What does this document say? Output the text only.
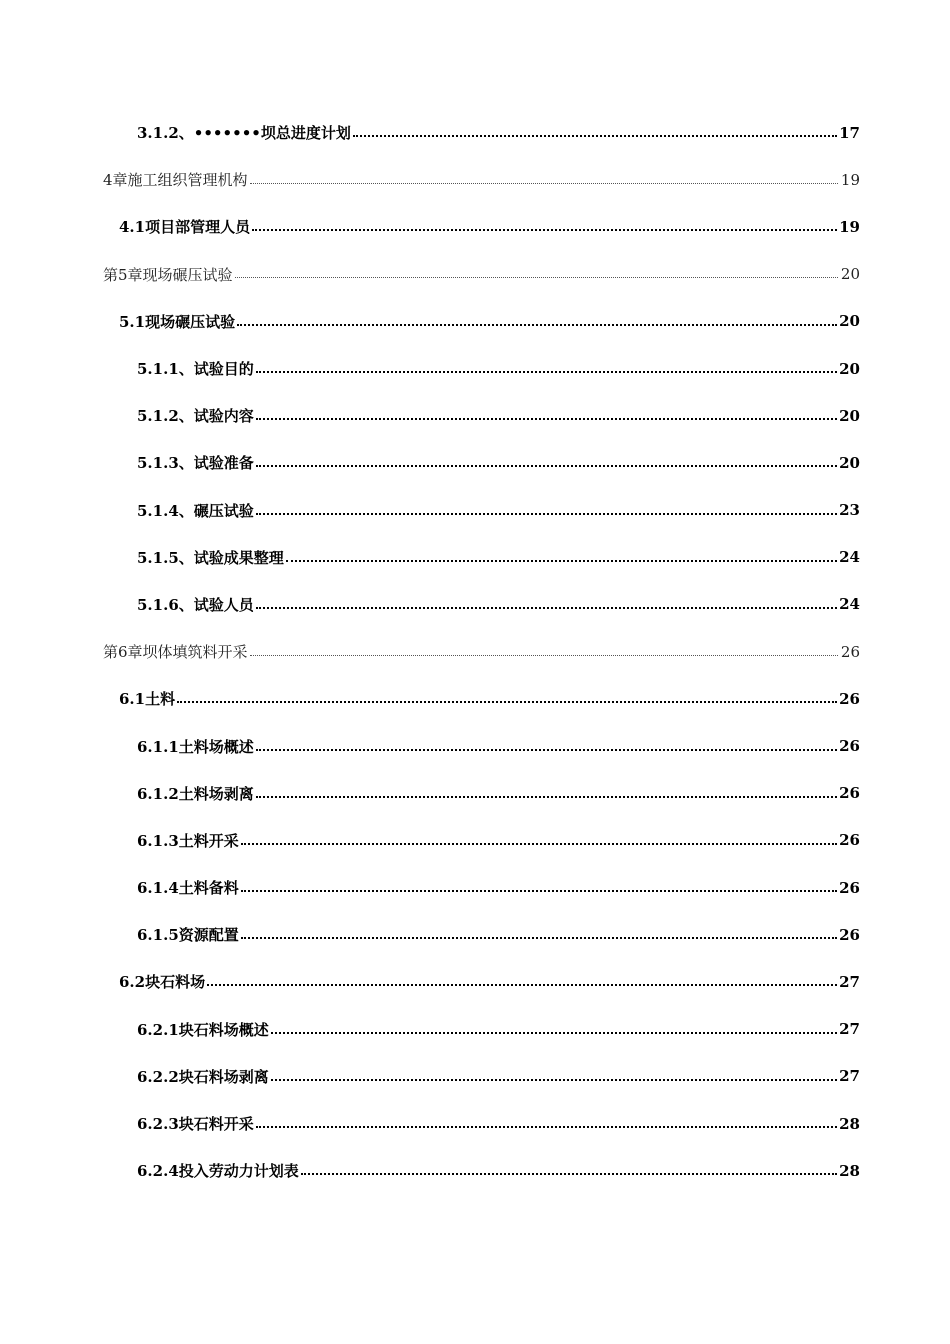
3.1.2、•••••••坝总进度计划	17
4章施工组织管理机构	19
4.1项目部管理人员	19
第5章现场碾压试验	20
5.1现场碾压试验	20
5.1.1、试验目的	20
5.1.2、试验内容	20
5.1.3、试验准备	20
5.1.4、碾压试验	23
5.1.5、试验成果整理	24
5.1.6、试验人员	24
第6章坝体填筑料开采	26
6.1土料	26
6.1.1土料场概述	26
6.1.2土料场剥离	26
6.1.3土料开采	26
6.1.4土料备料	26
6.1.5资源配置	26
6.2块石料场	27
6.2.1块石料场概述	27
6.2.2块石料场剥离	27
6.2.3块石料开采	28
6.2.4投入劳动力计划表	28
